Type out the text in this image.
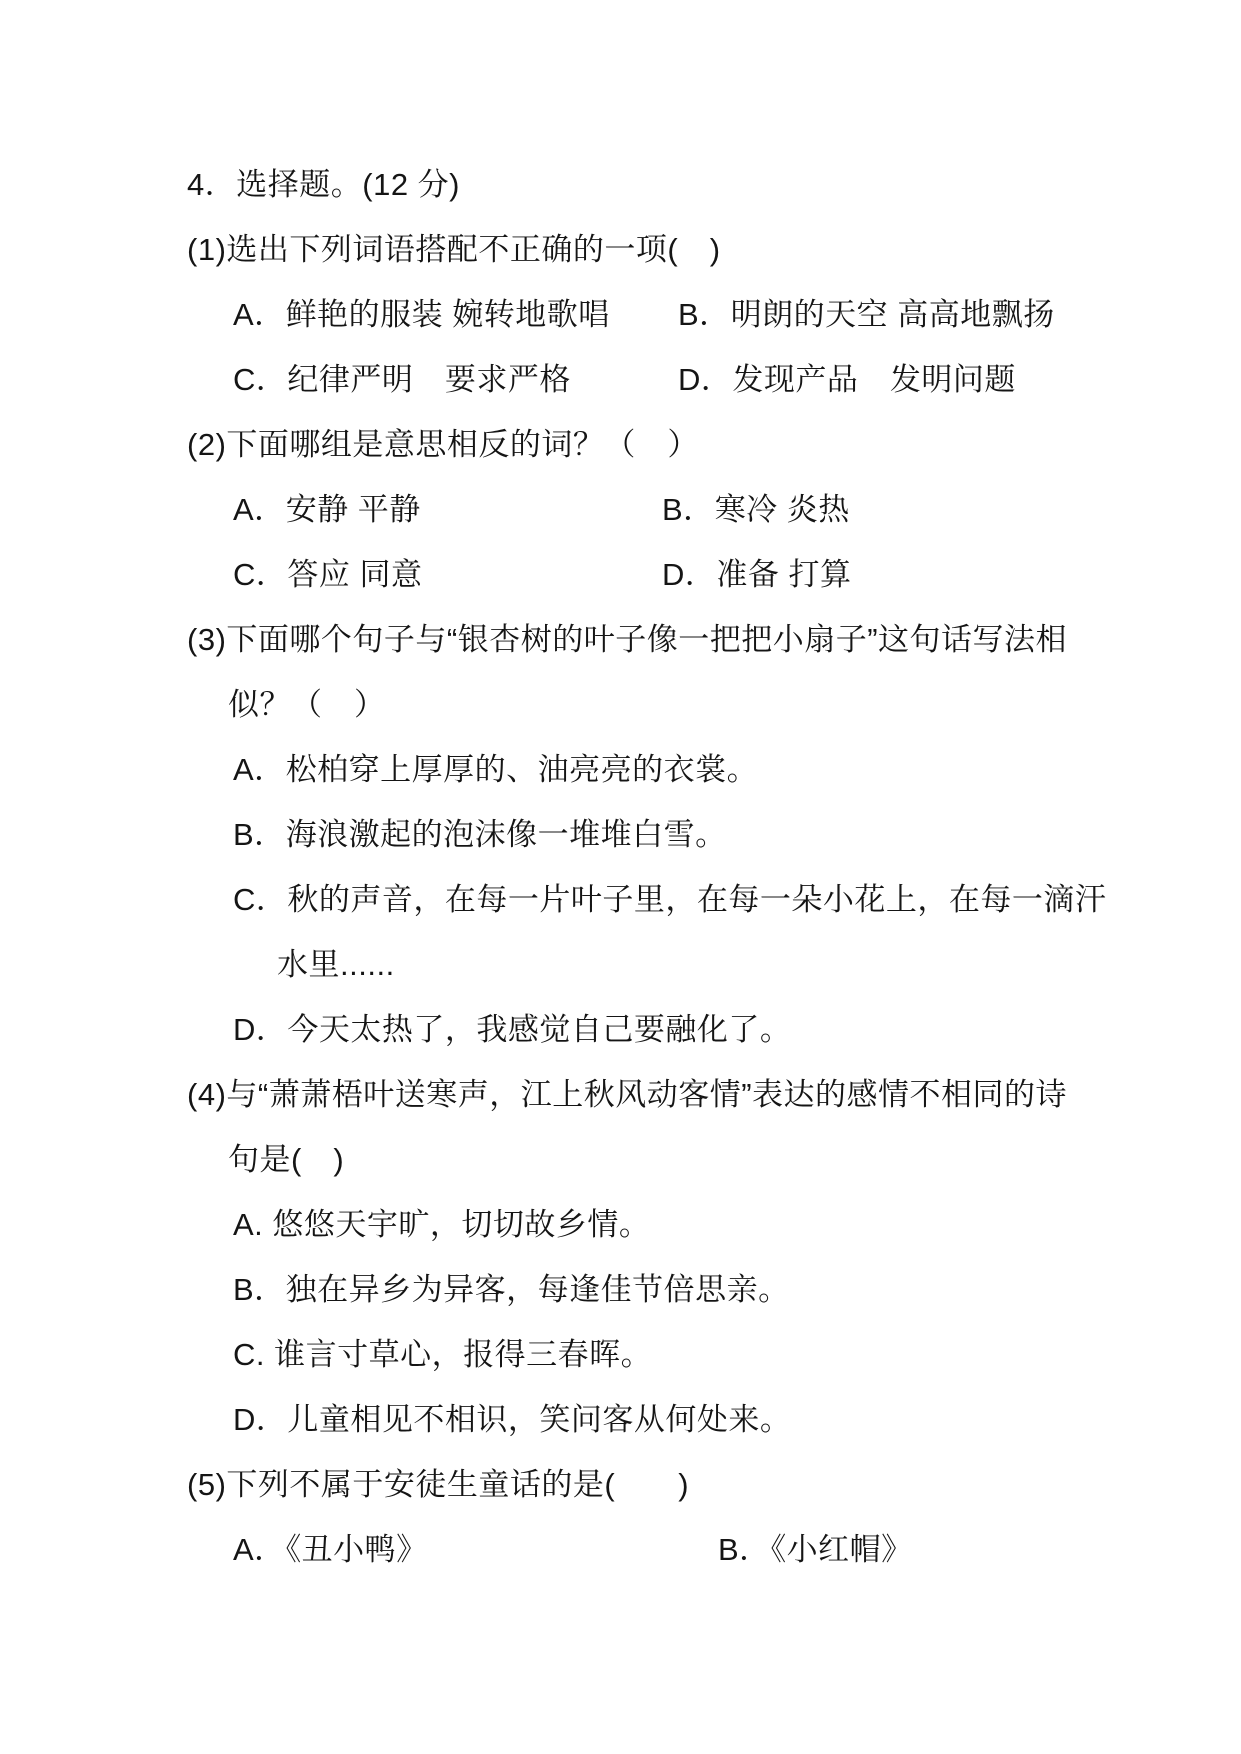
4．选择题。(12 分)
(1)选出下列词语搭配不正确的一项(　)
A．鲜艳的服装 婉转地歌唱	B．明朗的天空 高高地飘扬
C．纪律严明　要求严格	D．发现产品　发明问题
(2)下面哪组是意思相反的词？（　）
A．安静 平静	B．寒冷 炎热
C．答应 同意	D．准备 打算
(3)下面哪个句子与“银杏树的叶子像一把把小扇子”这句话写法相
似？（　）
A．松柏穿上厚厚的、油亮亮的衣裳。
B．海浪激起的泡沫像一堆堆白雪。
C．秋的声音，在每一片叶子里，在每一朵小花上，在每一滴汗
水里......
D．今天太热了，我感觉自己要融化了。
(4)与“萧萧梧叶送寒声，江上秋风动客情”表达的感情不相同的诗
句是(　)
A. 悠悠天宇旷，切切故乡情。
B．独在异乡为异客，每逢佳节倍思亲。
C. 谁言寸草心，报得三春晖。
D．儿童相见不相识，笑问客从何处来。
(5)下列不属于安徒生童话的是(　　)
A．《丑小鸭》	B．《小红帽》
